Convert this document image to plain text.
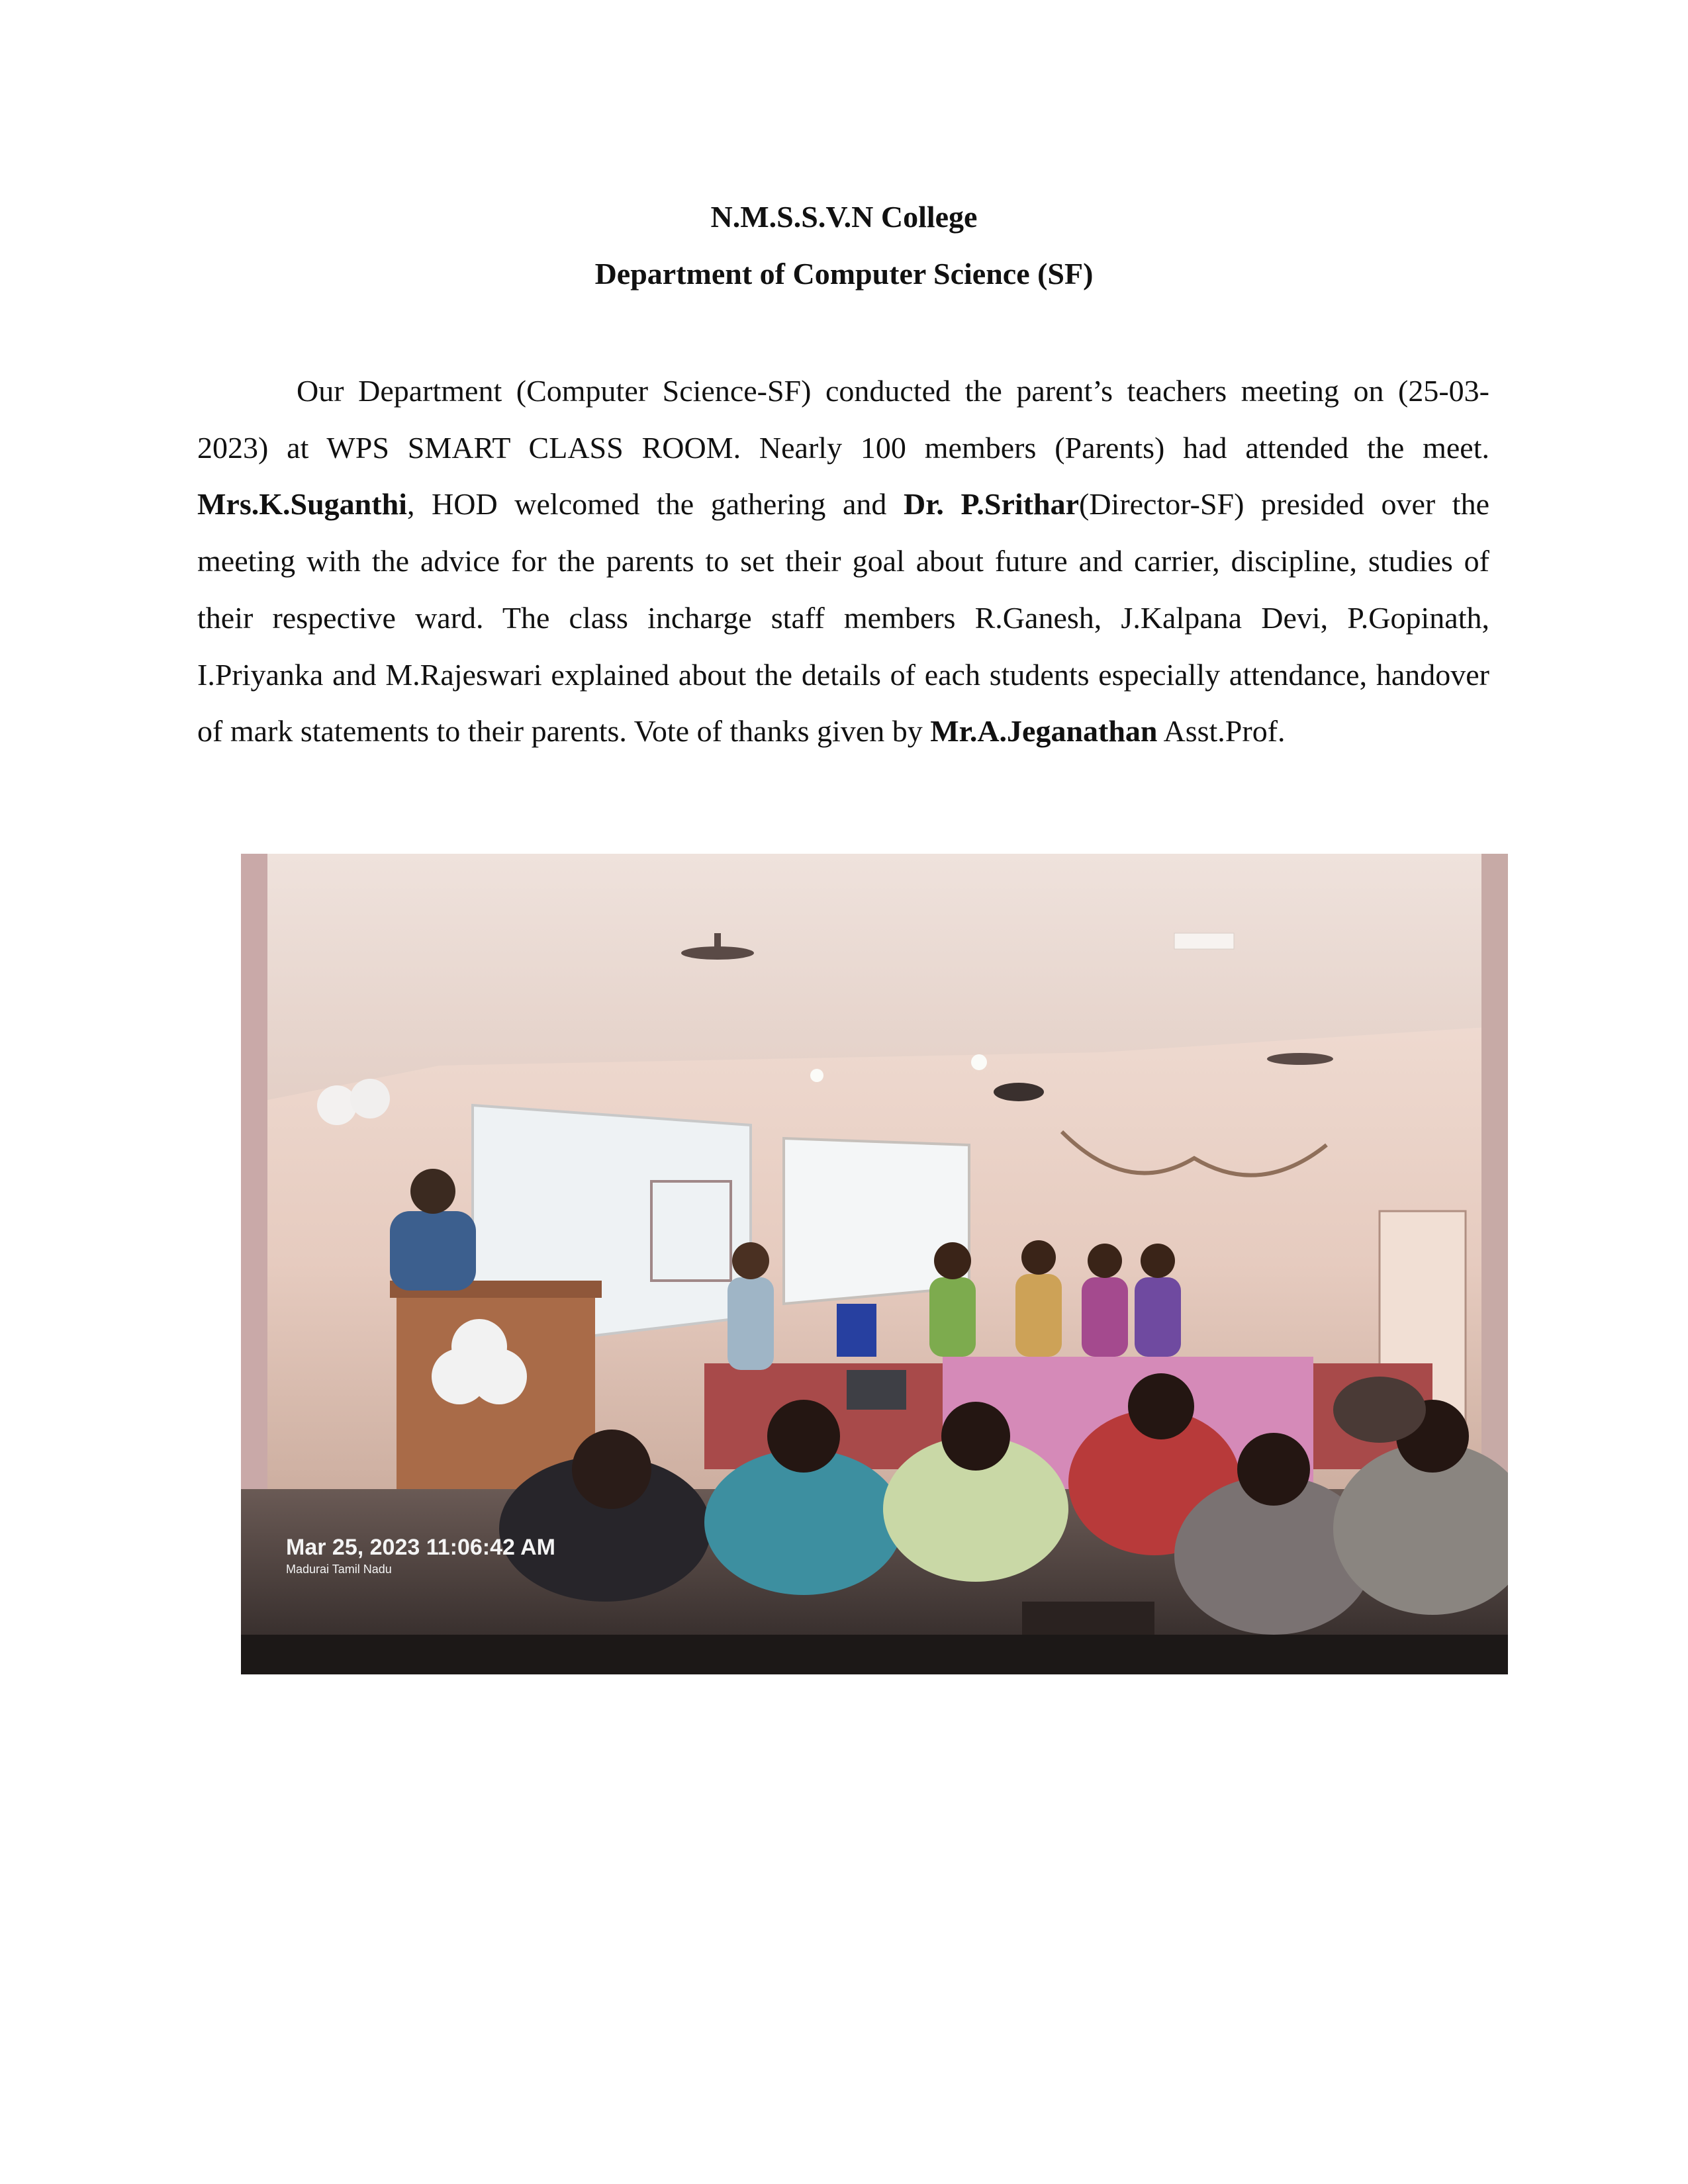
N.M.S.S.V.N College
Department of Computer Science (SF)

Our Department (Computer Science-SF) conducted the parent’s teachers meeting on (25-03-2023) at WPS SMART CLASS ROOM. Nearly 100 members (Parents) had attended the meet. Mrs.K.Suganthi, HOD welcomed the gathering and Dr. P.Srithar(Director-SF) presided over the meeting with the advice for the parents to set their goal about future and carrier, discipline, studies of their respective ward. The class incharge staff members R.Ganesh, J.Kalpana Devi, P.Gopinath, I.Priyanka and M.Rajeswari explained about the details of each students especially attendance, handover of mark statements to their parents. Vote of thanks given by Mr.A.Jeganathan Asst.Prof.

Mar 25, 2023 11:06:42 AM
Madurai Tamil Nadu
